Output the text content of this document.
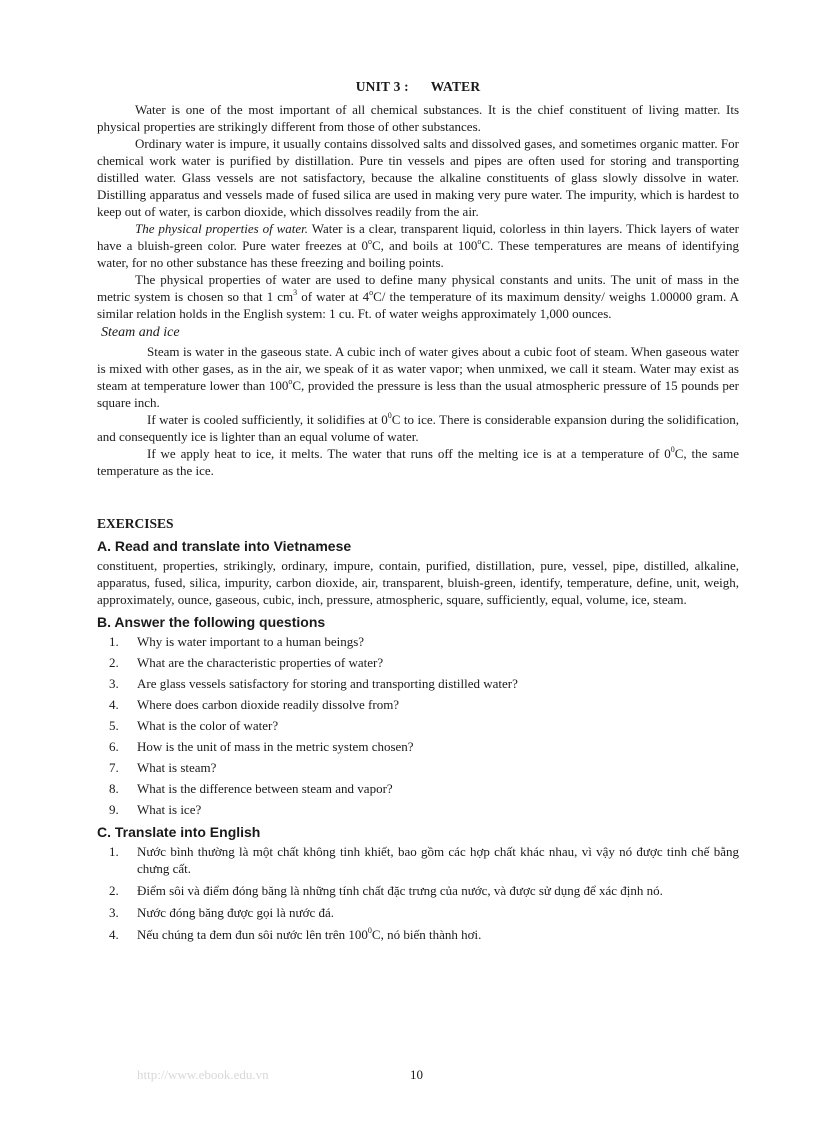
UNIT 3 : WATER

Water is one of the most important of all chemical substances. It is the chief constituent of living matter. Its physical properties are strikingly different from those of other substances.

Ordinary water is impure, it usually contains dissolved salts and dissolved gases, and sometimes organic matter. For chemical work water is purified by distillation. Pure tin vessels and pipes are often used for storing and transporting distilled water. Glass vessels are not satisfactory, because the alkaline constituents of glass slowly dissolve in water. Distilling apparatus and vessels made of fused silica are used in making very pure water. The impurity, which is hardest to keep out of water, is carbon dioxide, which dissolves readily from the air.

The physical properties of water. Water is a clear, transparent liquid, colorless in thin layers. Thick layers of water have a bluish-green color. Pure water freezes at 0$^o$C, and boils at 100$^o$C. These temperatures are means of identifying water, for no other substance has these freezing and boiling points.

The physical properties of water are used to define many physical constants and units. The unit of mass in the metric system is chosen so that 1 $cm^3$ of water at 4$^o$C/ the temperature of its maximum density/ weighs 1.00000 gram. A similar relation holds in the English system: 1 cu. Ft. of water weighs approximately 1,000 ounces.

Steam and ice

Steam is water in the gaseous state. A cubic inch of water gives about a cubic foot of steam. When gaseous water is mixed with other gases, as in the air, we speak of it as water vapor; when unmixed, we call it steam. Water may exist as steam at temperature lower than 100$^o$C, provided the pressure is less than the usual atmospheric pressure of 15 pounds per square inch.

If water is cooled sufficiently, it solidifies at $0^0C$ to ice. There is considerable expansion during the solidification, and consequently ice is lighter than an equal volume of water.

If we apply heat to ice, it melts. The water that runs off the melting ice is at a temperature of $0^0C$, the same temperature as the ice.

EXERCISES
A. Read and translate into Vietnamese

constituent, properties, strikingly, ordinary, impure, contain, purified, distillation, pure, vessel, pipe, distilled, alkaline, apparatus, fused, silica, impurity, carbon dioxide, air, transparent, bluish-green, identify, temperature, define, unit, weigh, approximately, ounce, gaseous, cubic, inch, pressure, atmospheric, square, sufficiently, equal, volume, ice, steam.

B. Answer the following questions
1.	Why is water important to a human beings?
2.	What are the characteristic properties of water?
3.	Are glass vessels satisfactory for storing and transporting distilled water?
4.	Where does carbon dioxide readily dissolve from?
5.	What is the color of water?
6.	How is the unit of mass in the metric system chosen?
7.	What is steam?
8.	What is the difference between steam and vapor?
9.	What is ice?
C. Translate into English
1.	Nước bình thường là một chất không tinh khiết, bao gồm các hợp chất khác nhau, vì vậy nó được tinh chế bằng chưng cất.
2.	Điểm sôi và điểm đóng băng là những tính chất đặc trưng của nước, và được sử dụng để xác định nó.
3.	Nước đóng băng được gọi là nước đá.
4.	Nếu chúng ta đem đun sôi nước lên trên $100^0C$, nó biến thành hơi.
http://www.ebook.edu.vn	10
